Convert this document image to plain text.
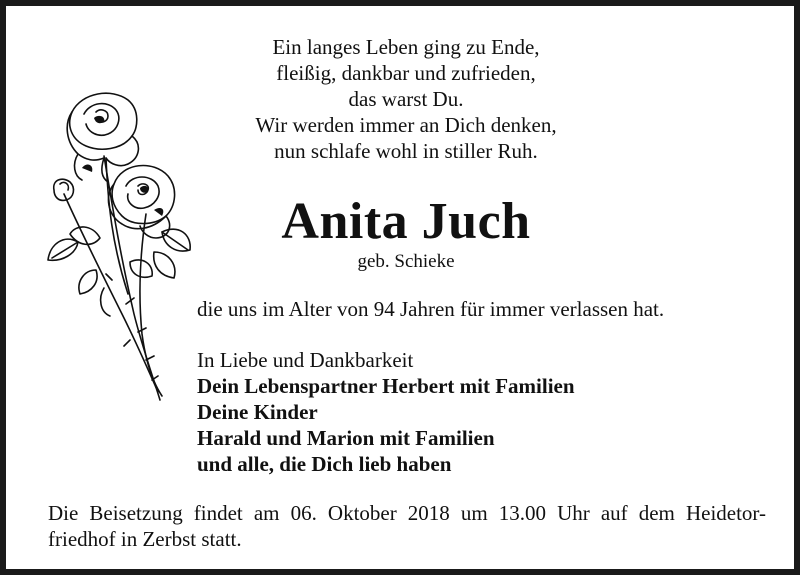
Ein langes Leben ging zu Ende,
fleißig, dankbar und zufrieden,
das warst Du.
Wir werden immer an Dich denken,
nun schlafe wohl in stiller Ruh.
Anita Juch
geb. Schieke
die uns im Alter von 94 Jahren für immer verlassen hat.
In Liebe und Dankbarkeit
Dein Lebenspartner Herbert mit Familien
Deine Kinder
Harald und Marion mit Familien
und alle, die Dich lieb haben
Die Beisetzung findet am 06. Oktober 2018 um 13.00 Uhr auf dem Heidetor-
friedhof in Zerbst statt.
